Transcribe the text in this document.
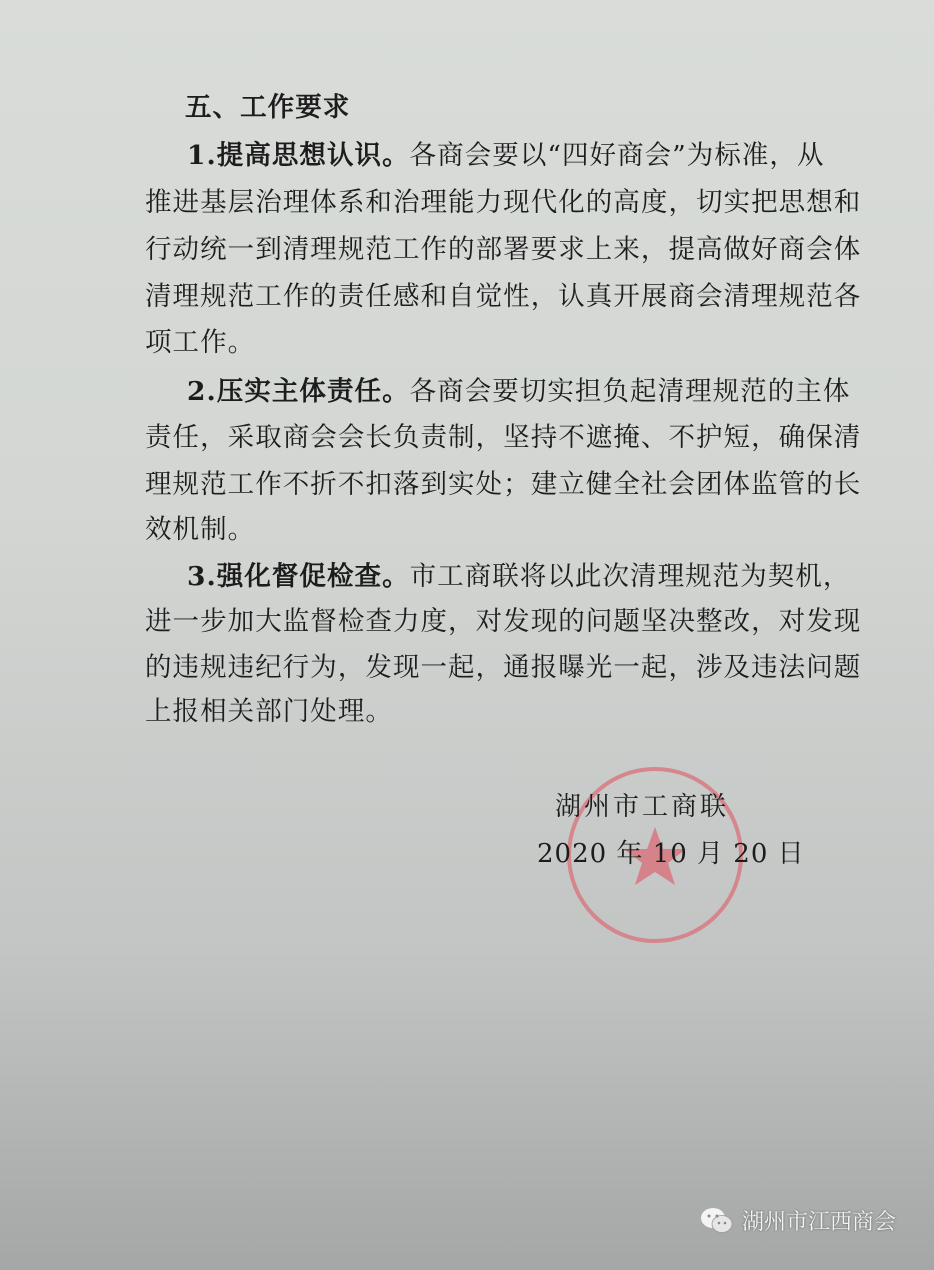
五、工作要求
1.提高思想认识。各商会要以“四好商会”为标准，从
推进基层治理体系和治理能力现代化的高度，切实把思想和
行动统一到清理规范工作的部署要求上来，提高做好商会体
清理规范工作的责任感和自觉性，认真开展商会清理规范各
项工作。
2.压实主体责任。各商会要切实担负起清理规范的主体
责任，采取商会会长负责制，坚持不遮掩、不护短，确保清
理规范工作不折不扣落到实处；建立健全社会团体监管的长
效机制。
3.强化督促检查。市工商联将以此次清理规范为契机，
进一步加大监督检查力度，对发现的问题坚决整改，对发现
的违规违纪行为，发现一起，通报曝光一起，涉及违法问题
上报相关部门处理。
湖州市工商联
2020 年 10 月 20 日
湖州市江西商会
